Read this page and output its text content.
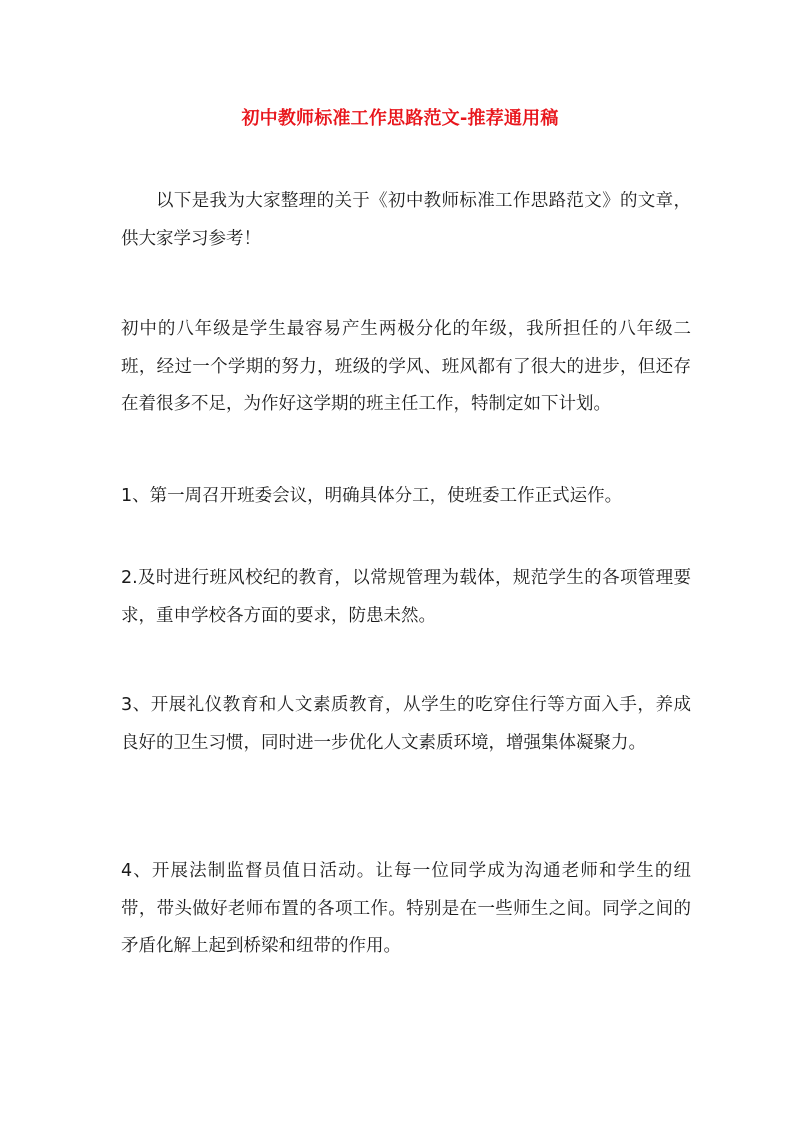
初中教师标准工作思路范文-推荐通用稿

以下是我为大家整理的关于《初中教师标准工作思路范文》的文章，供大家学习参考！

初中的八年级是学生最容易产生两极分化的年级，我所担任的八年级二班，经过一个学期的努力，班级的学风、班风都有了很大的进步，但还存在着很多不足，为作好这学期的班主任工作，特制定如下计划。

1、第一周召开班委会议，明确具体分工，使班委工作正式运作。

2.及时进行班风校纪的教育，以常规管理为载体，规范学生的各项管理要求，重申学校各方面的要求，防患未然。

3、开展礼仪教育和人文素质教育，从学生的吃穿住行等方面入手，养成良好的卫生习惯，同时进一步优化人文素质环境，增强集体凝聚力。

4、开展法制监督员值日活动。让每一位同学成为沟通老师和学生的纽带，带头做好老师布置的各项工作。特别是在一些师生之间。同学之间的矛盾化解上起到桥梁和纽带的作用。
